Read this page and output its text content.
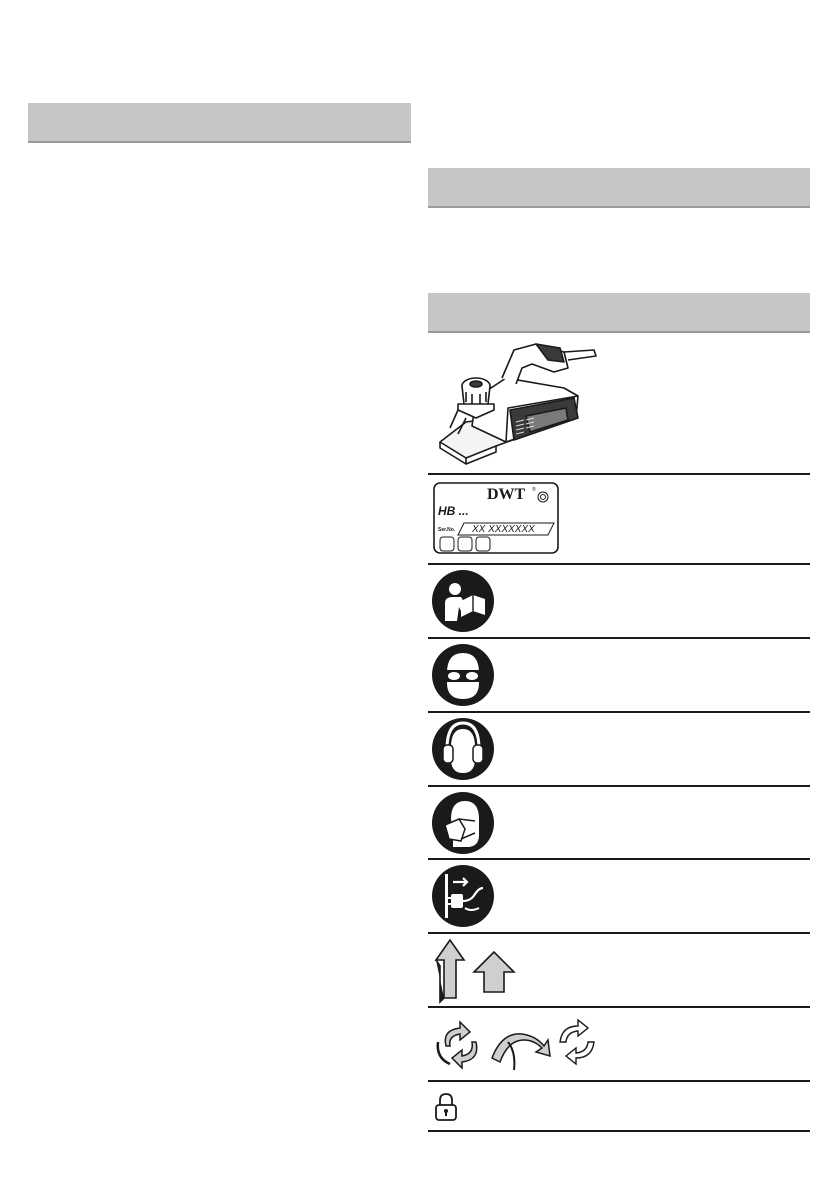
DWT ®
HB ...
Ser.No. XX XXXXXXX
